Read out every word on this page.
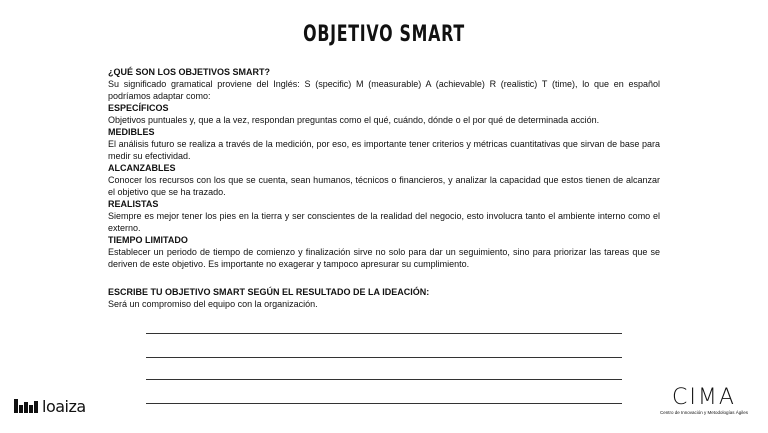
OBJETIVO SMART

¿QUÉ SON LOS OBJETIVOS SMART?

Su significado gramatical proviene del Inglés: S (specific) M (measurable) A (achievable) R (realistic) T (time), lo que en español podríamos adaptar como:

ESPECÍFICOS

Objetivos puntuales y, que a la vez, respondan preguntas como el qué, cuándo, dónde o el por qué de determinada acción.

MEDIBLES

El análisis futuro se realiza a través de la medición, por eso, es importante tener criterios y métricas cuantitativas que sirvan de base para medir su efectividad.

ALCANZABLES

Conocer los recursos con los que se cuenta, sean humanos, técnicos o financieros, y analizar la capacidad que estos tienen de alcanzar el objetivo que se ha trazado.

REALISTAS

Siempre es mejor tener los pies en la tierra y ser conscientes de la realidad del negocio, esto involucra tanto el ambiente interno como el externo.

TIEMPO LIMITADO

Establecer un periodo de tiempo de comienzo y finalización sirve no solo para dar un seguimiento, sino para priorizar las tareas que se deriven de este objetivo. Es importante no exagerar y tampoco apresurar su cumplimiento.

ESCRIBE TU OBJETIVO SMART SEGÚN EL RESULTADO DE LA IDEACIÓN:
Será un compromiso del equipo con la organización.
loaiza	CIMA
Centro de Innovación y Metodologías Ágiles
